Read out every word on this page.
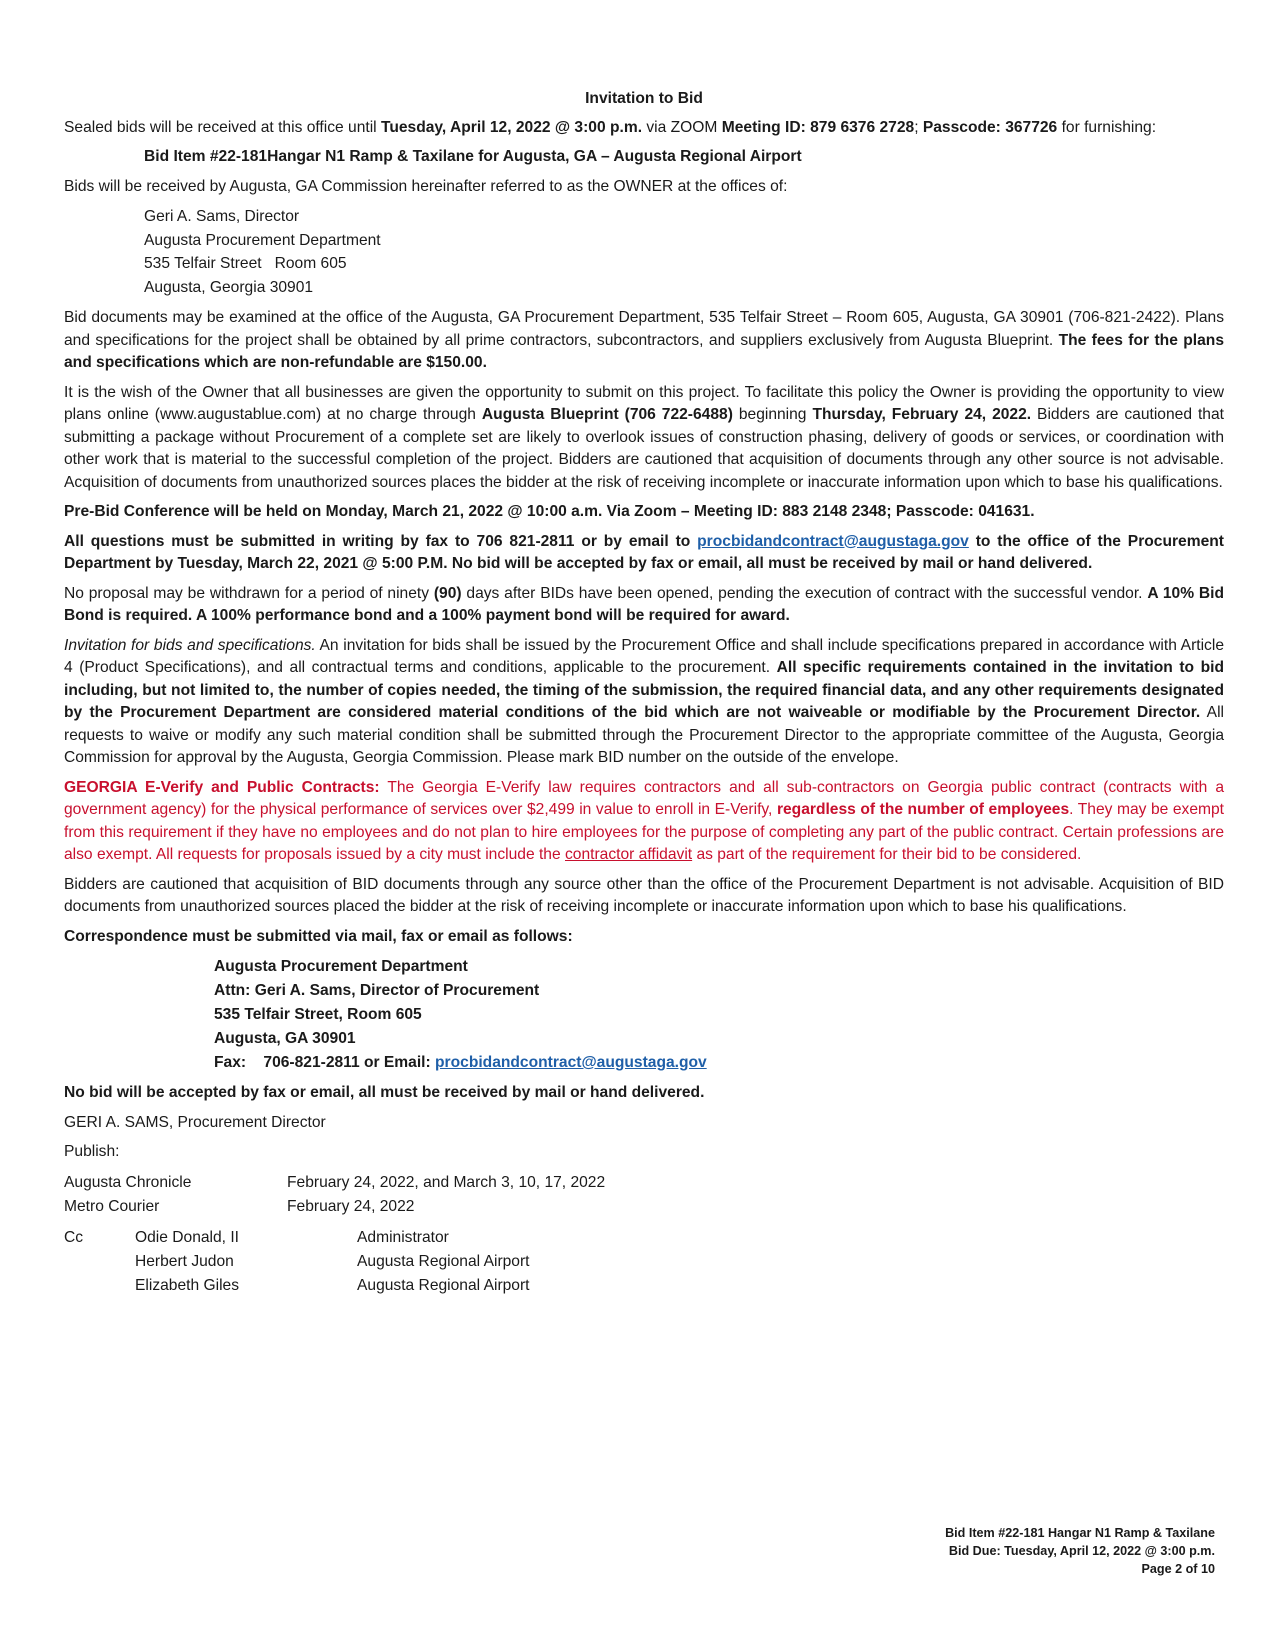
Invitation to Bid

Sealed bids will be received at this office until Tuesday, April 12, 2022 @ 3:00 p.m. via ZOOM Meeting ID: 879 6376 2728; Passcode: 367726 for furnishing:

Bid Item #22-181Hangar N1 Ramp & Taxilane for Augusta, GA – Augusta Regional Airport

Bids will be received by Augusta, GA Commission hereinafter referred to as the OWNER at the offices of:

Geri A. Sams, Director
Augusta Procurement Department
535 Telfair Street   Room 605
Augusta, Georgia 30901

Bid documents may be examined at the office of the Augusta, GA Procurement Department, 535 Telfair Street – Room 605, Augusta, GA 30901 (706-821-2422). Plans and specifications for the project shall be obtained by all prime contractors, subcontractors, and suppliers exclusively from Augusta Blueprint. The fees for the plans and specifications which are non-refundable are $150.00.

It is the wish of the Owner that all businesses are given the opportunity to submit on this project. To facilitate this policy the Owner is providing the opportunity to view plans online (www.augustablue.com) at no charge through Augusta Blueprint (706 722-6488) beginning Thursday, February 24, 2022. Bidders are cautioned that submitting a package without Procurement of a complete set are likely to overlook issues of construction phasing, delivery of goods or services, or coordination with other work that is material to the successful completion of the project. Bidders are cautioned that acquisition of documents through any other source is not advisable. Acquisition of documents from unauthorized sources places the bidder at the risk of receiving incomplete or inaccurate information upon which to base his qualifications.

Pre-Bid Conference will be held on Monday, March 21, 2022 @ 10:00 a.m. Via Zoom – Meeting ID: 883 2148 2348; Passcode: 041631.

All questions must be submitted in writing by fax to 706 821-2811 or by email to procbidandcontract@augustaga.gov to the office of the Procurement Department by Tuesday, March 22, 2021 @ 5:00 P.M. No bid will be accepted by fax or email, all must be received by mail or hand delivered.

No proposal may be withdrawn for a period of ninety (90) days after BIDs have been opened, pending the execution of contract with the successful vendor. A 10% Bid Bond is required. A 100% performance bond and a 100% payment bond will be required for award.

Invitation for bids and specifications. An invitation for bids shall be issued by the Procurement Office and shall include specifications prepared in accordance with Article 4 (Product Specifications), and all contractual terms and conditions, applicable to the procurement. All specific requirements contained in the invitation to bid including, but not limited to, the number of copies needed, the timing of the submission, the required financial data, and any other requirements designated by the Procurement Department are considered material conditions of the bid which are not waiveable or modifiable by the Procurement Director. All requests to waive or modify any such material condition shall be submitted through the Procurement Director to the appropriate committee of the Augusta, Georgia Commission for approval by the Augusta, Georgia Commission. Please mark BID number on the outside of the envelope.

GEORGIA E-Verify and Public Contracts: The Georgia E-Verify law requires contractors and all sub-contractors on Georgia public contract (contracts with a government agency) for the physical performance of services over $2,499 in value to enroll in E-Verify, regardless of the number of employees. They may be exempt from this requirement if they have no employees and do not plan to hire employees for the purpose of completing any part of the public contract. Certain professions are also exempt. All requests for proposals issued by a city must include the contractor affidavit as part of the requirement for their bid to be considered.

Bidders are cautioned that acquisition of BID documents through any source other than the office of the Procurement Department is not advisable. Acquisition of BID documents from unauthorized sources placed the bidder at the risk of receiving incomplete or inaccurate information upon which to base his qualifications.

Correspondence must be submitted via mail, fax or email as follows:

Augusta Procurement Department
Attn: Geri A. Sams, Director of Procurement
535 Telfair Street, Room 605
Augusta, GA 30901
Fax:    706-821-2811 or Email: procbidandcontract@augustaga.gov

No bid will be accepted by fax or email, all must be received by mail or hand delivered.

GERI A. SAMS, Procurement Director

Publish:

Augusta Chronicle	February 24, 2022, and March 3, 10, 17, 2022
Metro Courier	February 24, 2022
Cc	Odie Donald, II	Administrator
Herbert Judon	Augusta Regional Airport
Elizabeth Giles	Augusta Regional Airport
Bid Item #22-181 Hangar N1 Ramp & Taxilane
Bid Due: Tuesday, April 12, 2022 @ 3:00 p.m.
Page 2 of 10
